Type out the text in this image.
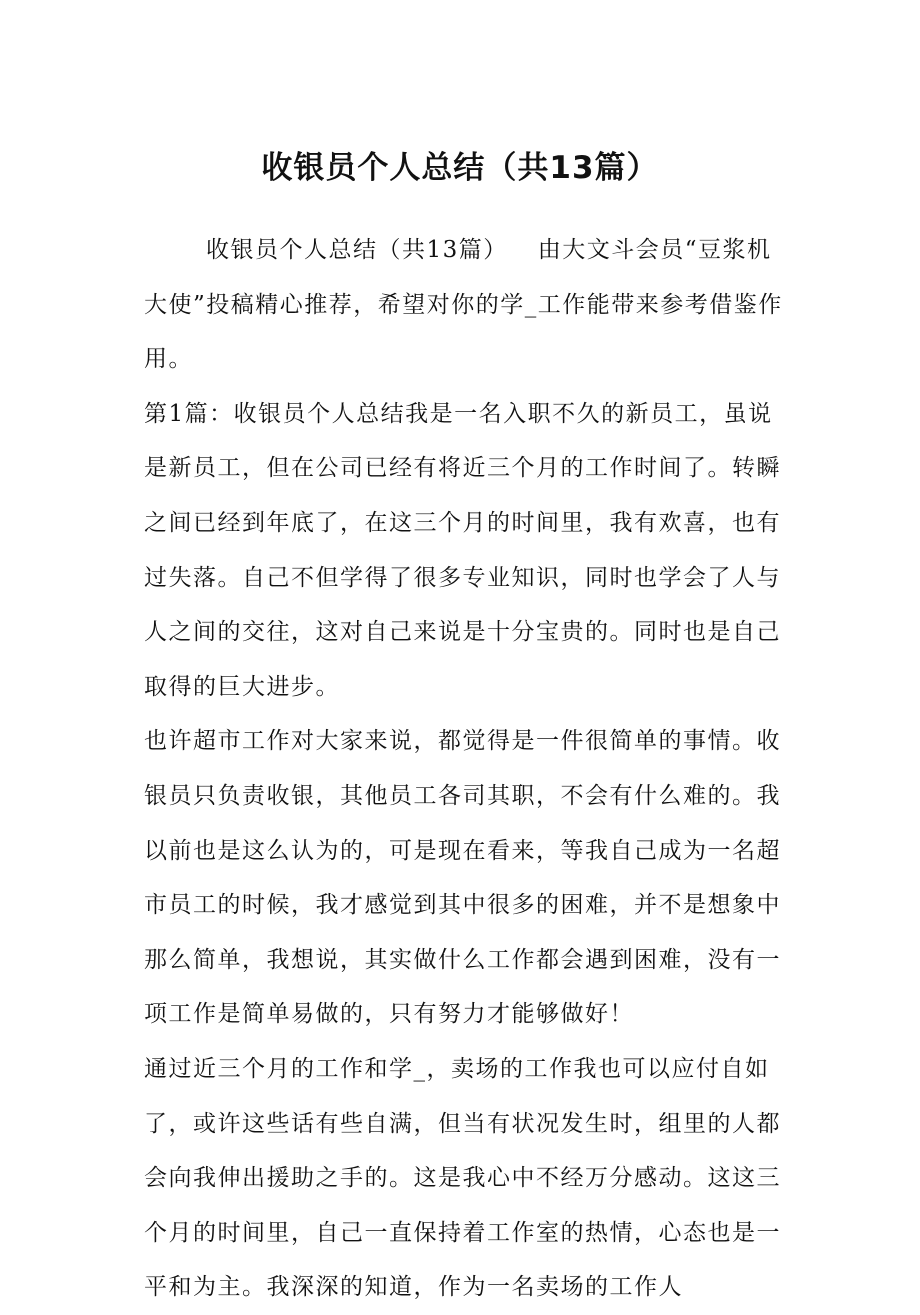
收银员个人总结（共13篇）

收银员个人总结（共13篇） 由大文斗会员“豆浆机大使”投稿精心推荐，希望对你的学_工作能带来参考借鉴作用。

第1篇：收银员个人总结我是一名入职不久的新员工，虽说是新员工，但在公司已经有将近三个月的工作时间了。转瞬之间已经到年底了，在这三个月的时间里，我有欢喜，也有过失落。自己不但学得了很多专业知识，同时也学会了人与人之间的交往，这对自己来说是十分宝贵的。同时也是自己取得的巨大进步。

也许超市工作对大家来说，都觉得是一件很简单的事情。收银员只负责收银，其他员工各司其职，不会有什么难的。我以前也是这么认为的，可是现在看来，等我自己成为一名超市员工的时候，我才感觉到其中很多的困难，并不是想象中那么简单，我想说，其实做什么工作都会遇到困难，没有一项工作是简单易做的，只有努力才能够做好！

通过近三个月的工作和学_，卖场的工作我也可以应付自如了，或许这些话有些自满，但当有状况发生时，组里的人都会向我伸出援助之手的。这是我心中不经万分感动。这这三个月的时间里，自己一直保持着工作室的热情，心态也是一平和为主。我深深的知道，作为一名卖场的工作人
